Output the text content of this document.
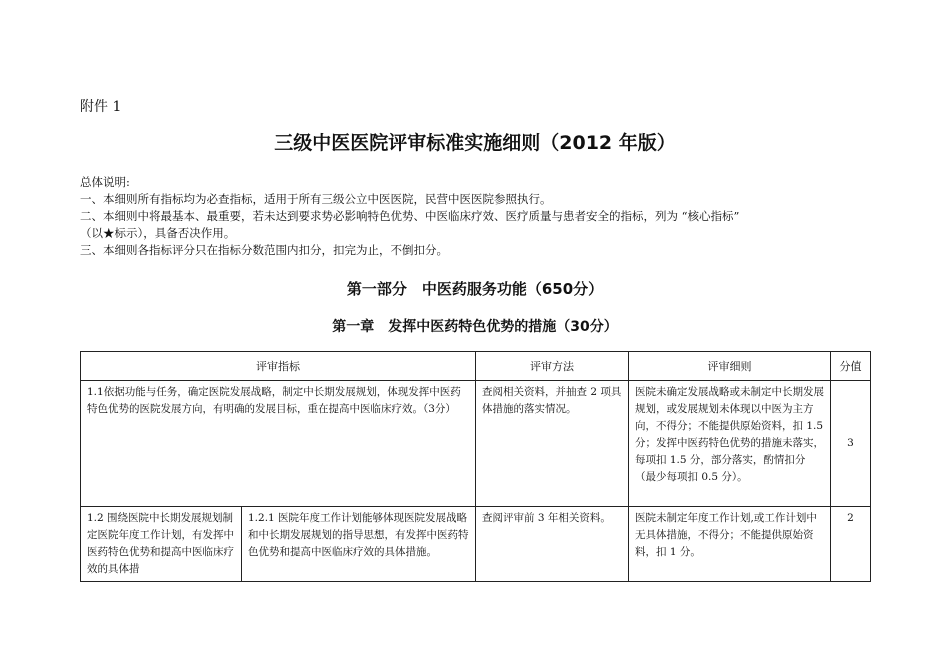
附件 1
三级中医医院评审标准实施细则（2012 年版）
总体说明:
一、本细则所有指标均为必查指标，适用于所有三级公立中医医院，民营中医医院参照执行。
二、本细则中将最基本、最重要，若未达到要求势必影响特色优势、中医临床疗效、医疗质量与患者安全的指标，列为 “核心指标”
（以★标示），具备否决作用。
三、本细则各指标评分只在指标分数范围内扣分，扣完为止，不倒扣分。
第一部分　中医药服务功能（650分）
第一章　发挥中医药特色优势的措施（30分）
评审指标		评审方法	评审细则	分值
1.1依据功能与任务，确定医院发展战略，制定中长期发展规划，体现发挥中医药特色优势的医院发展方向，有明确的发展目标，重在提高中医临床疗效。（3分）		查阅相关资料，并抽查 2 项具体措施的落实情况。	医院未确定发展战略或未制定中长期发展规划，或发展规划未体现以中医为主方向，不得分；不能提供原始资料，扣 1.5 分；发挥中医药特色优势的措施未落实，每项扣 1.5 分，部分落实，酌情扣分（最少每项扣 0.5 分）。	3
1.2 围绕医院中长期发展规划制定医院年度工作计划，有发挥中医药特色优势和提高中医临床疗效的具体措	1.2.1 医院年度工作计划能够体现医院发展战略和中长期发展规划的指导思想，有发挥中医药特色优势和提高中医临床疗效的具体措施。	查阅评审前 3 年相关资料。	医院未制定年度工作计划,或工作计划中无具体措施，不得分；不能提供原始资料，扣 1 分。	2
